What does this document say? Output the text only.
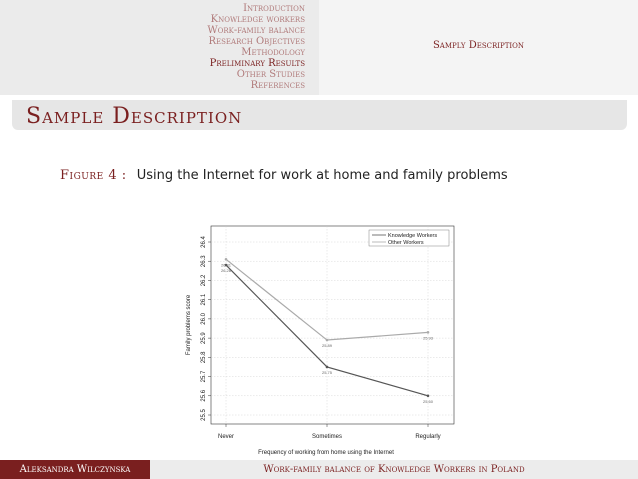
Introduction
Knowledge workers
Work-family balance
Research Objectives
Methodology
Preliminary Results
Other Studies
References
Samply Description
Sample Description
Figure 4 : Using the Internet for work at home and family problems
25.5
25.6
25.7
25.8
25.9
26.0
26.1
26.2
26.3
26.4
Never	Sometimes	Regularly
26.28
25.75
25.60
26.31
25.89
25.93
Family problems score
Frequency of working from home using the Internet
Knowledge Workers
Other Workers
Aleksandra Wilczynska	Work-family balance of Knowledge Workers in Poland
